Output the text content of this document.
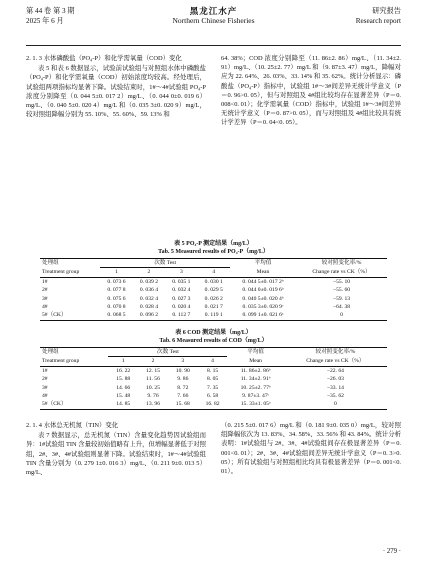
第 44 卷 第 3 期
2025 年 6 月
黑龙江水产
Northern Chinese Fisheries
研究报告
Research report

2. 1. 3 水体磷酸盐（PO₄-P）和化学需氧量（COD）变化

表 5 和表 6 数据显示，试验前试验组与对照组水体中磷酸盐（PO₄-P）和化学需氧量（COD）初始浓度均较高。经处理后，试验组两项指标均显著下降。试验结束时，1#～4#试验组 PO₄-P 浓度分别降至（0. 044 5±0. 017 2）mg/L、（0. 044 0±0. 019 6）mg/L、（0. 040 5±0. 020 4）mg/L 和（0. 035 3±0. 020 9）mg/L，较对照组降幅分别为 55. 10%、55. 60%、59. 13% 和

64. 38%；COD 浓度分别降至（11. 86±2. 86）mg/L、（11. 34±2. 91）mg/L、（10. 25±2. 77）mg/L 和（9. 87±3. 47）mg/L，降幅对应为 22. 64%、26. 03%、33. 14% 和 35. 62%。统计分析显示：磷酸盐（PO₄-P）指标中，试验组 1#～3#间差异无统计学意义（P＝0. 96>0. 05），但与对照组及 4#组比较均存在显著差异（P＝0. 008<0. 01）；化学需氧量（COD）指标中，试验组 1#～3#间差异无统计学意义（P＝0. 87>0. 05），而与对照组及 4#组比较具有统计学差异（P＝0. 04<0. 05）。

表 5 PO₄-P 测定结果（mg/L）
Tab. 5 Measured results of PO₄-P（mg/L）
处理组	次数 Test				平均值	较对照变化率/%
Treatment group	1	2	3	4	Mean	Change rate vs CK（%）
1#	0. 073 6	0. 039 2	0. 035 1	0. 030 1	0. 044 5±0. 017 2ᵇ	−55. 10
2#	0. 077 8	0. 036 4	0. 032 4	0. 029 5	0. 044 0±0. 019 6ᵇ	−55. 60
3#	0. 075 6	0. 032 4	0. 027 3	0. 026 2	0. 040 5±0. 020 4ᵇ	−59. 13
4#	0. 070 8	0. 028 4	0. 020 4	0. 021 7	0. 035 3±0. 020 9ᶜ	−64. 38
5#（CK）	0. 068 5	0. 096 2	0. 112 7	0. 119 1	0. 099 1±0. 021 6ᵃ	0
表 6 COD 测定结果（mg/L）
Tab. 6 Measured results of COD（mg/L）
处理组	次数 Test				平均值	较对照变化率/%
Treatment group	1	2	3	4	Mean	Change rate vs CK（%）
1#	16. 22	12. 15	10. 90	8. 15	11. 86±2. 86ᵇ	−22. 64
2#	15. 88	11. 56	9. 86	8. 05	11. 34±2. 91ᵇ	−26. 03
3#	14. 66	10. 25	8. 72	7. 35	10. 25±2. 77ᵇ	−33. 14
4#	15. 48	9. 76	7. 66	6. 58	9. 87±3. 47ᶜ	−35. 62
5#（CK）	14. 85	13. 96	15. 68	16. 82	15. 33±1. 05ᵃ	0

2. 1. 4 水体总无机氮（TIN）变化

表 7 数据显示，总无机氮（TIN）含量变化趋势因试验组而异：1#试验组 TIN 含量较初始值略有上升，但增幅显著低于对照组，2#、3#、4#试验组则显著下降。试验结束时，1#～4#试验组 TIN 含量分别为（0. 279 1±0. 016 3）mg/L、（0. 211 9±0. 013 5）mg/L、

（0. 215 5±0. 017 6）mg/L 和（0. 181 9±0. 035 0）mg/L，较对照组降幅依次为 13. 83%、34. 58%、33. 56% 和 43. 84%。统计分析表明：1#试验组与 2#、3#、4#试验组间存在极显著差异（P＝0. 001<0. 01）；2#、3#、4#试验组间差异无统计学意义（P＝0. 3>0. 05）；所有试验组与对照组相比均具有极显著差异（P＝0. 001<0. 01）。

· 279 ·
